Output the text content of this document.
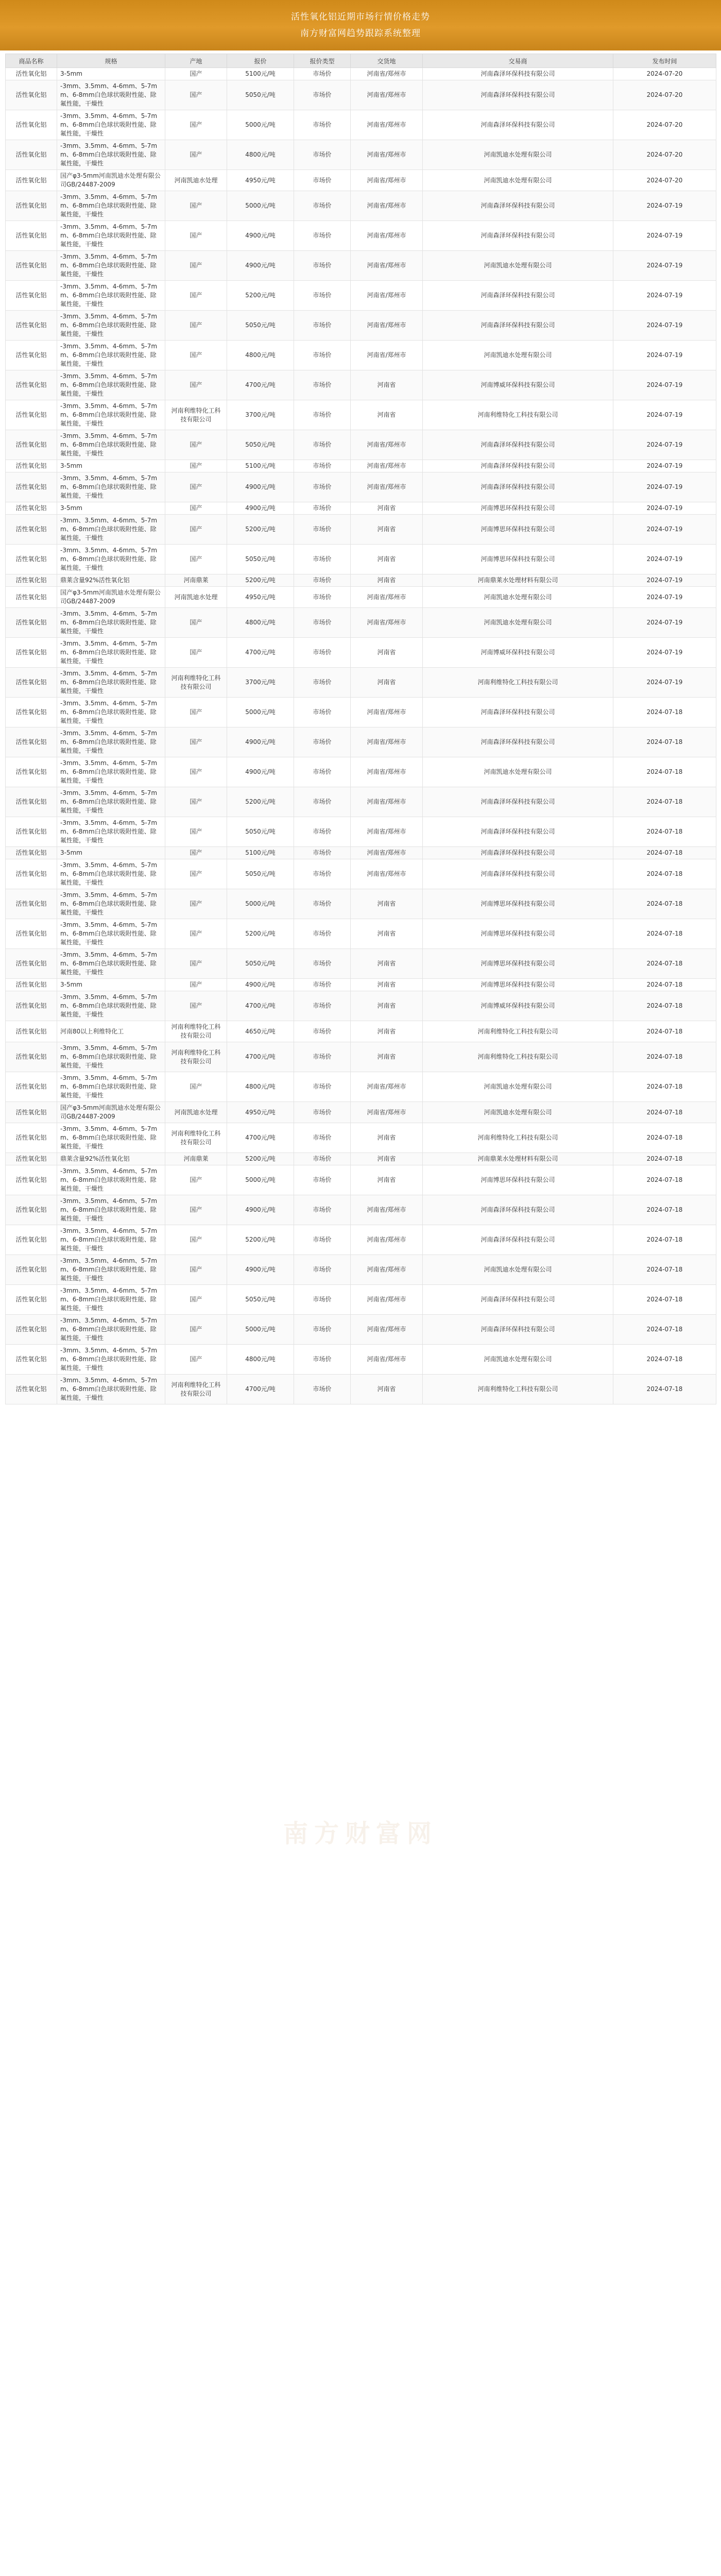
活性氧化铝近期市场行情价格走势
南方财富网趋势跟踪系统整理
商品名称	规格	产地	报价	报价类型	交货地	交易商	发布时间
活性氧化铝	3-5mm	国产	5100元/吨	市场价	河南省/郑州市	河南森泽环保科技有限公司	2024-07-20
活性氧化铝	-3mm、3.5mm、4-6mm、5-7mm、6-8mm白色球状吸附性能、除氟性能，干燥性	国产	5050元/吨	市场价	河南省/郑州市	河南森泽环保科技有限公司	2024-07-20
活性氧化铝	-3mm、3.5mm、4-6mm、5-7mm、6-8mm白色球状吸附性能、除氟性能，干燥性	国产	5000元/吨	市场价	河南省/郑州市	河南森泽环保科技有限公司	2024-07-20
活性氧化铝	-3mm、3.5mm、4-6mm、5-7mm、6-8mm白色球状吸附性能、除氟性能，干燥性	国产	4800元/吨	市场价	河南省/郑州市	河南凯迪水处理有限公司	2024-07-20
活性氧化铝	国产φ3-5mm河南凯迪水处理有限公司GB/24487-2009	河南凯迪水处理	4950元/吨	市场价	河南省/郑州市	河南凯迪水处理有限公司	2024-07-20
活性氧化铝	-3mm、3.5mm、4-6mm、5-7mm、6-8mm白色球状吸附性能、除氟性能，干燥性	国产	5000元/吨	市场价	河南省/郑州市	河南森泽环保科技有限公司	2024-07-19
活性氧化铝	-3mm、3.5mm、4-6mm、5-7mm、6-8mm白色球状吸附性能、除氟性能，干燥性	国产	4900元/吨	市场价	河南省/郑州市	河南森泽环保科技有限公司	2024-07-19
活性氧化铝	-3mm、3.5mm、4-6mm、5-7mm、6-8mm白色球状吸附性能、除氟性能，干燥性	国产	4900元/吨	市场价	河南省/郑州市	河南凯迪水处理有限公司	2024-07-19
活性氧化铝	-3mm、3.5mm、4-6mm、5-7mm、6-8mm白色球状吸附性能、除氟性能，干燥性	国产	5200元/吨	市场价	河南省/郑州市	河南森泽环保科技有限公司	2024-07-19
活性氧化铝	-3mm、3.5mm、4-6mm、5-7mm、6-8mm白色球状吸附性能、除氟性能，干燥性	国产	5050元/吨	市场价	河南省/郑州市	河南森泽环保科技有限公司	2024-07-19
活性氧化铝	-3mm、3.5mm、4-6mm、5-7mm、6-8mm白色球状吸附性能、除氟性能，干燥性	国产	4800元/吨	市场价	河南省/郑州市	河南凯迪水处理有限公司	2024-07-19
活性氧化铝	-3mm、3.5mm、4-6mm、5-7mm、6-8mm白色球状吸附性能、除氟性能，干燥性	国产	4700元/吨	市场价	河南省	河南博威环保科技有限公司	2024-07-19
活性氧化铝	-3mm、3.5mm、4-6mm、5-7mm、6-8mm白色球状吸附性能、除氟性能，干燥性	河南利维特化工科技有限公司	3700元/吨	市场价	河南省	河南利维特化工科技有限公司	2024-07-19
活性氧化铝	-3mm、3.5mm、4-6mm、5-7mm、6-8mm白色球状吸附性能、除氟性能，干燥性	国产	5050元/吨	市场价	河南省/郑州市	河南森泽环保科技有限公司	2024-07-19
活性氧化铝	3-5mm	国产	5100元/吨	市场价	河南省/郑州市	河南森泽环保科技有限公司	2024-07-19
活性氧化铝	-3mm、3.5mm、4-6mm、5-7mm、6-8mm白色球状吸附性能、除氟性能，干燥性	国产	4900元/吨	市场价	河南省/郑州市	河南森泽环保科技有限公司	2024-07-19
活性氧化铝	3-5mm	国产	4900元/吨	市场价	河南省	河南博思环保科技有限公司	2024-07-19
活性氧化铝	-3mm、3.5mm、4-6mm、5-7mm、6-8mm白色球状吸附性能、除氟性能，干燥性	国产	5200元/吨	市场价	河南省	河南博思环保科技有限公司	2024-07-19
活性氧化铝	-3mm、3.5mm、4-6mm、5-7mm、6-8mm白色球状吸附性能、除氟性能，干燥性	国产	5050元/吨	市场价	河南省	河南博思环保科技有限公司	2024-07-19
活性氧化铝	鼎莱含量92%活性氧化铝	河南鼎莱	5200元/吨	市场价	河南省	河南鼎莱水处理材料有限公司	2024-07-19
活性氧化铝	国产φ3-5mm河南凯迪水处理有限公司GB/24487-2009	河南凯迪水处理	4950元/吨	市场价	河南省/郑州市	河南凯迪水处理有限公司	2024-07-19
活性氧化铝	-3mm、3.5mm、4-6mm、5-7mm、6-8mm白色球状吸附性能、除氟性能，干燥性	国产	4800元/吨	市场价	河南省/郑州市	河南凯迪水处理有限公司	2024-07-19
活性氧化铝	-3mm、3.5mm、4-6mm、5-7mm、6-8mm白色球状吸附性能、除氟性能，干燥性	国产	4700元/吨	市场价	河南省	河南博威环保科技有限公司	2024-07-19
活性氧化铝	-3mm、3.5mm、4-6mm、5-7mm、6-8mm白色球状吸附性能、除氟性能，干燥性	河南利维特化工科技有限公司	3700元/吨	市场价	河南省	河南利维特化工科技有限公司	2024-07-19
活性氧化铝	-3mm、3.5mm、4-6mm、5-7mm、6-8mm白色球状吸附性能、除氟性能，干燥性	国产	5000元/吨	市场价	河南省/郑州市	河南森泽环保科技有限公司	2024-07-18
活性氧化铝	-3mm、3.5mm、4-6mm、5-7mm、6-8mm白色球状吸附性能、除氟性能，干燥性	国产	4900元/吨	市场价	河南省/郑州市	河南森泽环保科技有限公司	2024-07-18
活性氧化铝	-3mm、3.5mm、4-6mm、5-7mm、6-8mm白色球状吸附性能、除氟性能，干燥性	国产	4900元/吨	市场价	河南省/郑州市	河南凯迪水处理有限公司	2024-07-18
活性氧化铝	-3mm、3.5mm、4-6mm、5-7mm、6-8mm白色球状吸附性能、除氟性能，干燥性	国产	5200元/吨	市场价	河南省/郑州市	河南森泽环保科技有限公司	2024-07-18
活性氧化铝	-3mm、3.5mm、4-6mm、5-7mm、6-8mm白色球状吸附性能、除氟性能，干燥性	国产	5050元/吨	市场价	河南省/郑州市	河南森泽环保科技有限公司	2024-07-18
活性氧化铝	3-5mm	国产	5100元/吨	市场价	河南省/郑州市	河南森泽环保科技有限公司	2024-07-18
活性氧化铝	-3mm、3.5mm、4-6mm、5-7mm、6-8mm白色球状吸附性能、除氟性能，干燥性	国产	5050元/吨	市场价	河南省/郑州市	河南森泽环保科技有限公司	2024-07-18
活性氧化铝	-3mm、3.5mm、4-6mm、5-7mm、6-8mm白色球状吸附性能、除氟性能，干燥性	国产	5000元/吨	市场价	河南省	河南博思环保科技有限公司	2024-07-18
活性氧化铝	-3mm、3.5mm、4-6mm、5-7mm、6-8mm白色球状吸附性能、除氟性能，干燥性	国产	5200元/吨	市场价	河南省	河南博思环保科技有限公司	2024-07-18
活性氧化铝	-3mm、3.5mm、4-6mm、5-7mm、6-8mm白色球状吸附性能、除氟性能，干燥性	国产	5050元/吨	市场价	河南省	河南博思环保科技有限公司	2024-07-18
活性氧化铝	3-5mm	国产	4900元/吨	市场价	河南省	河南博思环保科技有限公司	2024-07-18
活性氧化铝	-3mm、3.5mm、4-6mm、5-7mm、6-8mm白色球状吸附性能、除氟性能，干燥性	国产	4700元/吨	市场价	河南省	河南博威环保科技有限公司	2024-07-18
活性氧化铝	河南80以上利维特化工	河南利维特化工科技有限公司	4650元/吨	市场价	河南省	河南利维特化工科技有限公司	2024-07-18
活性氧化铝	-3mm、3.5mm、4-6mm、5-7mm、6-8mm白色球状吸附性能、除氟性能，干燥性	河南利维特化工科技有限公司	4700元/吨	市场价	河南省	河南利维特化工科技有限公司	2024-07-18
活性氧化铝	-3mm、3.5mm、4-6mm、5-7mm、6-8mm白色球状吸附性能、除氟性能，干燥性	国产	4800元/吨	市场价	河南省/郑州市	河南凯迪水处理有限公司	2024-07-18
活性氧化铝	国产φ3-5mm河南凯迪水处理有限公司GB/24487-2009	河南凯迪水处理	4950元/吨	市场价	河南省/郑州市	河南凯迪水处理有限公司	2024-07-18
活性氧化铝	-3mm、3.5mm、4-6mm、5-7mm、6-8mm白色球状吸附性能、除氟性能，干燥性	河南利维特化工科技有限公司	4700元/吨	市场价	河南省	河南利维特化工科技有限公司	2024-07-18
活性氧化铝	鼎莱含量92%活性氧化铝	河南鼎莱	5200元/吨	市场价	河南省	河南鼎莱水处理材料有限公司	2024-07-18
活性氧化铝	-3mm、3.5mm、4-6mm、5-7mm、6-8mm白色球状吸附性能、除氟性能，干燥性	国产	5000元/吨	市场价	河南省	河南博思环保科技有限公司	2024-07-18
活性氧化铝	-3mm、3.5mm、4-6mm、5-7mm、6-8mm白色球状吸附性能、除氟性能，干燥性	国产	4900元/吨	市场价	河南省/郑州市	河南森泽环保科技有限公司	2024-07-18
活性氧化铝	-3mm、3.5mm、4-6mm、5-7mm、6-8mm白色球状吸附性能、除氟性能，干燥性	国产	5200元/吨	市场价	河南省/郑州市	河南森泽环保科技有限公司	2024-07-18
活性氧化铝	-3mm、3.5mm、4-6mm、5-7mm、6-8mm白色球状吸附性能、除氟性能，干燥性	国产	4900元/吨	市场价	河南省/郑州市	河南凯迪水处理有限公司	2024-07-18
活性氧化铝	-3mm、3.5mm、4-6mm、5-7mm、6-8mm白色球状吸附性能、除氟性能，干燥性	国产	5050元/吨	市场价	河南省/郑州市	河南森泽环保科技有限公司	2024-07-18
活性氧化铝	-3mm、3.5mm、4-6mm、5-7mm、6-8mm白色球状吸附性能、除氟性能，干燥性	国产	5000元/吨	市场价	河南省/郑州市	河南森泽环保科技有限公司	2024-07-18
活性氧化铝	-3mm、3.5mm、4-6mm、5-7mm、6-8mm白色球状吸附性能、除氟性能，干燥性	国产	4800元/吨	市场价	河南省/郑州市	河南凯迪水处理有限公司	2024-07-18
活性氧化铝	-3mm、3.5mm、4-6mm、5-7mm、6-8mm白色球状吸附性能、除氟性能，干燥性	河南利维特化工科技有限公司	4700元/吨	市场价	河南省	河南利维特化工科技有限公司	2024-07-18
南方财富网
